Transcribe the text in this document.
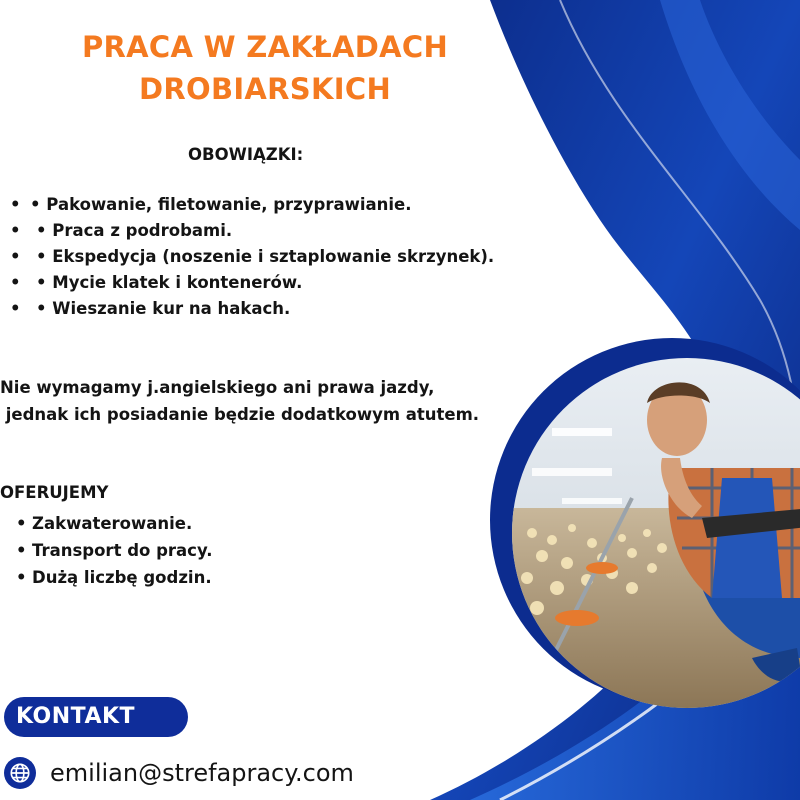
PRACA W ZAKŁADACH
DROBIARSKICH
OBOWIĄZKI:
• • Pakowanie, filetowanie, przyprawianie.
• • Praca z podrobami.
• • Ekspedycja (noszenie i sztaplowanie skrzynek).
• • Mycie klatek i kontenerów.
• • Wieszanie kur na hakach.
Nie wymagamy j.angielskiego ani prawa jazdy,
jednak ich posiadanie będzie dodatkowym atutem.
OFERUJEMY
• Zakwaterowanie.
• Transport do pracy.
• Dużą liczbę godzin.
KONTAKT
emilian@strefapracy.com
